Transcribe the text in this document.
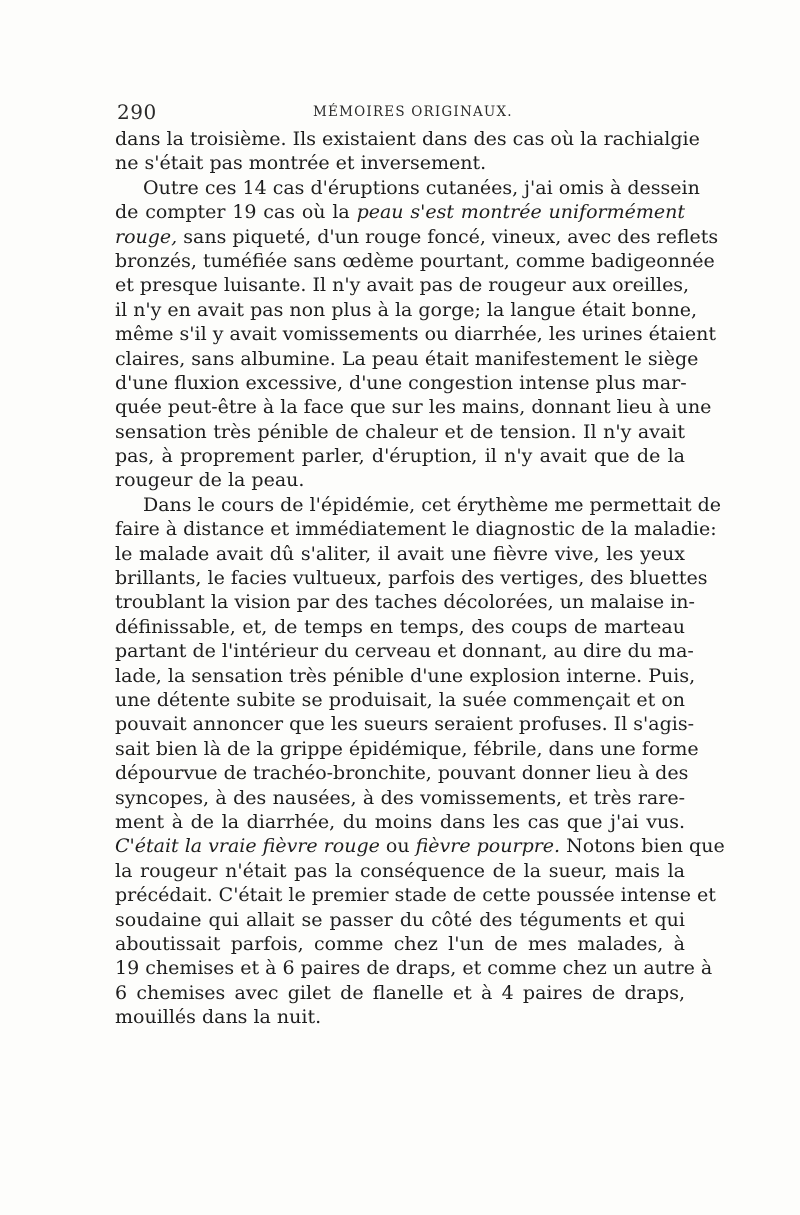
290	MÉMOIRES ORIGINAUX.
dans la troisième. Ils existaient dans des cas où la rachialgie
ne s'était pas montrée et inversement.
Outre ces 14 cas d'éruptions cutanées, j'ai omis à dessein
de compter 19 cas où la peau s'est montrée uniformément
rouge, sans piqueté, d'un rouge foncé, vineux, avec des reflets
bronzés, tuméfiée sans œdème pourtant, comme badigeonnée
et presque luisante. Il n'y avait pas de rougeur aux oreilles,
il n'y en avait pas non plus à la gorge; la langue était bonne,
même s'il y avait vomissements ou diarrhée, les urines étaient
claires, sans albumine. La peau était manifestement le siège
d'une fluxion excessive, d'une congestion intense plus mar-
quée peut-être à la face que sur les mains, donnant lieu à une
sensation très pénible de chaleur et de tension. Il n'y avait
pas, à proprement parler, d'éruption, il n'y avait que de la
rougeur de la peau.
Dans le cours de l'épidémie, cet érythème me permettait de
faire à distance et immédiatement le diagnostic de la maladie:
le malade avait dû s'aliter, il avait une fièvre vive, les yeux
brillants, le facies vultueux, parfois des vertiges, des bluettes
troublant la vision par des taches décolorées, un malaise in-
définissable, et, de temps en temps, des coups de marteau
partant de l'intérieur du cerveau et donnant, au dire du ma-
lade, la sensation très pénible d'une explosion interne. Puis,
une détente subite se produisait, la suée commençait et on
pouvait annoncer que les sueurs seraient profuses. Il s'agis-
sait bien là de la grippe épidémique, fébrile, dans une forme
dépourvue de trachéo-bronchite, pouvant donner lieu à des
syncopes, à des nausées, à des vomissements, et très rare-
ment à de la diarrhée, du moins dans les cas que j'ai vus.
C'était la vraie fièvre rouge ou fièvre pourpre. Notons bien que
la rougeur n'était pas la conséquence de la sueur, mais la
précédait. C'était le premier stade de cette poussée intense et
soudaine qui allait se passer du côté des téguments et qui
aboutissait parfois, comme chez l'un de mes malades, à
19 chemises et à 6 paires de draps, et comme chez un autre à
6 chemises avec gilet de flanelle et à 4 paires de draps,
mouillés dans la nuit.
